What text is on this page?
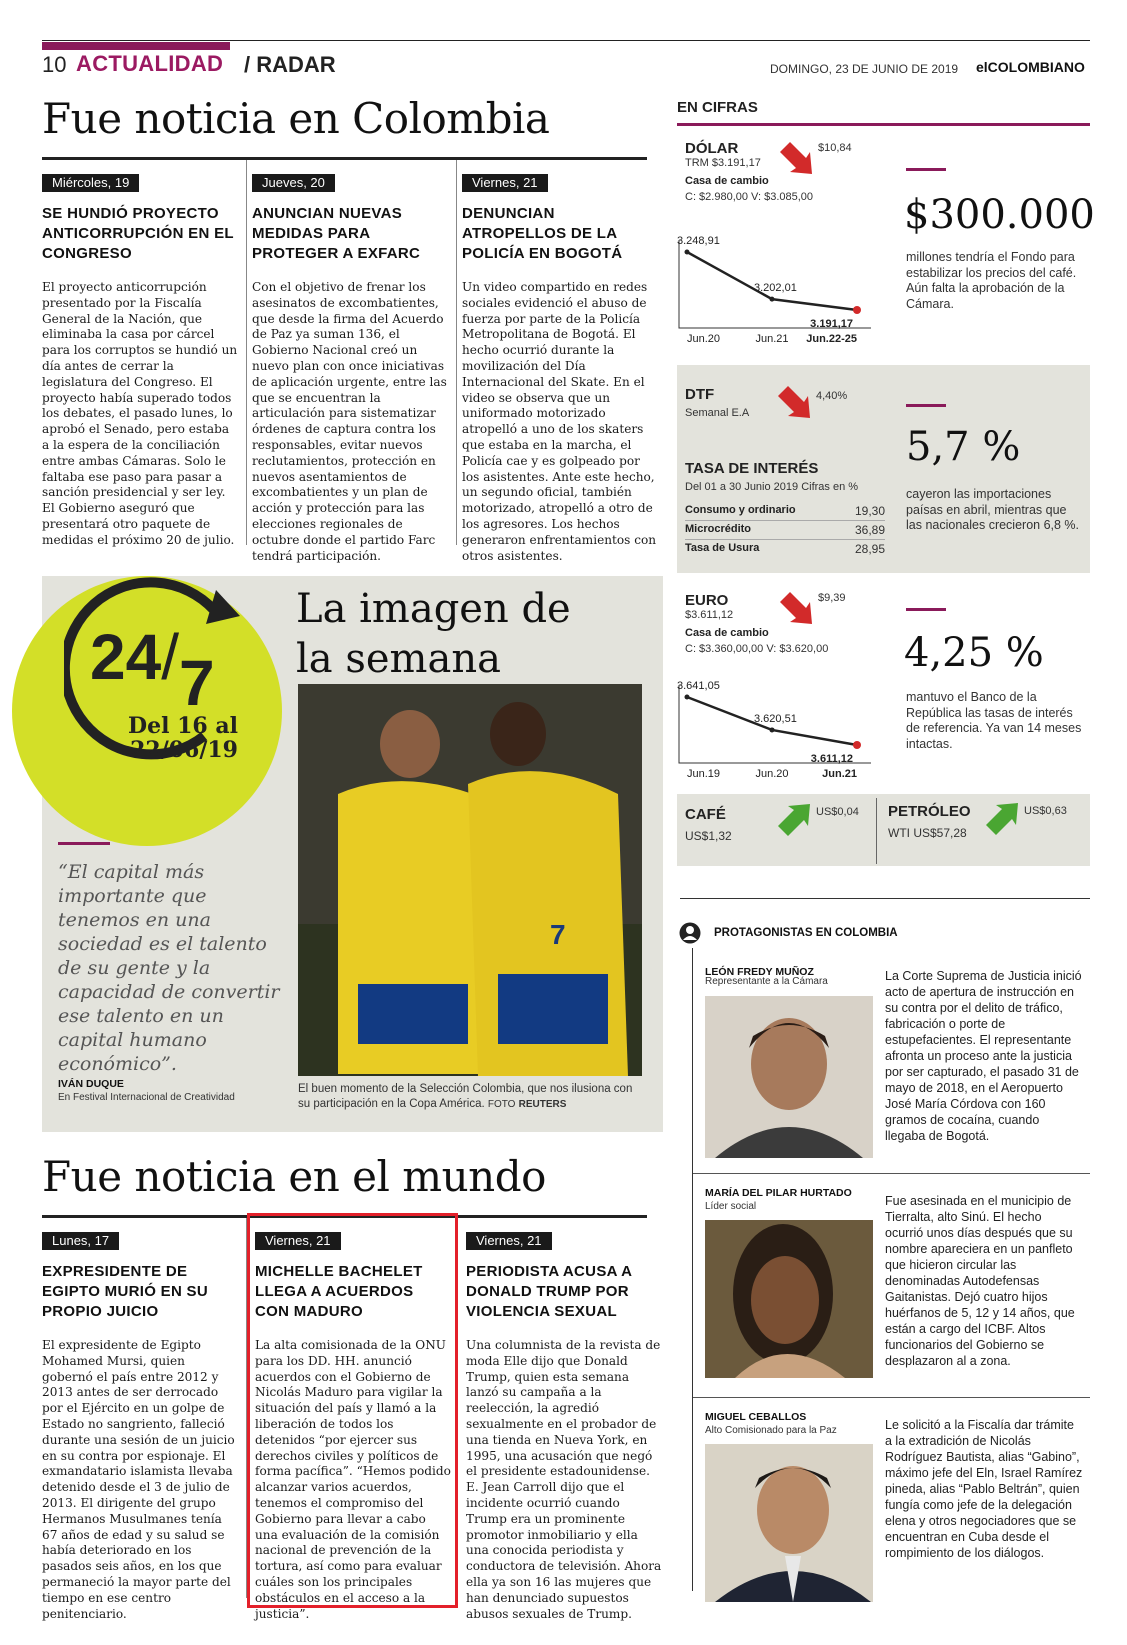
10 ACTUALIDAD / RADAR	DOMINGO, 23 DE JUNIO DE 2019 elCOLOMBIANO
Fue noticia en Colombia
Miércoles, 19
SE HUNDIÓ PROYECTO ANTICORRUPCIÓN EN EL CONGRESO
El proyecto anticorrupción presentado por la Fiscalía General de la Nación, que eliminaba la casa por cárcel para los corruptos se hundió un día antes de cerrar la legislatura del Congreso. El proyecto había superado todos los debates, el pasado lunes, lo aprobó el Senado, pero estaba a la espera de la conciliación entre ambas Cámaras. Solo le faltaba ese paso para pasar a sanción presidencial y ser ley. El Gobierno aseguró que presentará otro paquete de medidas el próximo 20 de julio.
Jueves, 20
ANUNCIAN NUEVAS MEDIDAS PARA PROTEGER A EXFARC
Con el objetivo de frenar los asesinatos de excombatientes, que desde la firma del Acuerdo de Paz ya suman 136, el Gobierno Nacional creó un nuevo plan con once iniciativas de aplicación urgente, entre las que se encuentran la articulación para sistematizar órdenes de captura contra los responsables, evitar nuevos reclutamientos, protección en nuevos asentamientos de excombatientes y un plan de acción y protección para las elecciones regionales de octubre donde el partido Farc tendrá participación.
Viernes, 21
DENUNCIAN ATROPELLOS DE LA POLICÍA EN BOGOTÁ
Un video compartido en redes sociales evidenció el abuso de fuerza por parte de la Policía Metropolitana de Bogotá. El hecho ocurrió durante la movilización del Día Internacional del Skate. En el video se observa que un uniformado motorizado atropelló a uno de los skaters que estaba en la marcha, el Policía cae y es golpeado por los asistentes. Ante este hecho, un segundo oficial, también motorizado, atropelló a otro de los agresores. Los hechos generaron enfrentamientos con otros asistentes.
EN CIFRAS
DÓLAR
TRM $3.191,17
Casa de cambio
C: $2.980,00 V: $3.085,00
$10,84
3.248,91
Jun.20
3.202,01
Jun.21
3.191,17
Jun.22-25
$300.000
millones tendría el Fondo para estabilizar los precios del café. Aún falta la aprobación de la Cámara.
DTF
Semanal E.A
4,40%
TASA DE INTERÉS
Del 01 a 30 Junio 2019 Cifras en %
Consumo y ordinario	19,30
Microcrédito	36,89
Tasa de Usura	28,95
5,7 %
cayeron las importaciones paísas en abril, mientras que las nacionales crecieron 6,8 %.
EURO
$3.611,12
Casa de cambio
C: $3.360,00,00 V: $3.620,00
$9,39
3.641,05
Jun.19
3.620,51
Jun.20
3.611,12
Jun.21
4,25 %
mantuvo el Banco de la República las tasas de interés de referencia. Ya van 14 meses intactas.
CAFÉ
US$1,32
US$0,04 PETRÓLEO
WTI US$57,28
US$0,63
PROTAGONISTAS EN COLOMBIA
LEÓN FREDY MUÑOZ
Representante a la Cámara	La Corte Suprema de Justicia inició acto de apertura de instrucción en su contra por el delito de tráfico, fabricación o porte de estupefacientes. El representante afronta un proceso ante la justicia por ser capturado, el pasado 31 de mayo de 2018, en el Aeropuerto José María Córdova con 160 gramos de cocaína, cuando llegaba de Bogotá.
MARÍA DEL PILAR HURTADO
Líder social	Fue asesinada en el municipio de Tierralta, alto Sinú. El hecho ocurrió unos días después que su nombre apareciera en un panfleto que hicieron circular las denominadas Autodefensas Gaitanistas. Dejó cuatro hijos huérfanos de 5, 12 y 14 años, que están a cargo del ICBF. Altos funcionarios del Gobierno se desplazaron al a zona.
MIGUEL CEBALLOS
Alto Comisionado para la Paz	Le solicitó a la Fiscalía dar trámite a la extradición de Nicolás Rodríguez Bautista, alias “Gabino”, máximo jefe del Eln, Israel Ramírez pineda, alias “Pablo Beltrán”, quien fungía como jefe de la delegación elena y otros negociadores que se encuentran en Cuba desde el rompimiento de los diálogos.
24/7
Del 16 al
22/06/19
La imagen de
la semana
7
El buen momento de la Selección Colombia, que nos ilusiona con su participación en la Copa América. FOTO REUTERS
“El capital más importante que tenemos en una sociedad es el talento de su gente y la capacidad de convertir ese talento en un capital humano económico”.
IVÁN DUQUE
En Festival Internacional de Creatividad
Fue noticia en el mundo
Lunes, 17
EXPRESIDENTE DE EGIPTO MURIÓ EN SU PROPIO JUICIO
El expresidente de Egipto Mohamed Mursi, quien gobernó el país entre 2012 y 2013 antes de ser derrocado por el Ejército en un golpe de Estado no sangriento, falleció durante una sesión de un juicio en su contra por espionaje. El exmandatario islamista llevaba detenido desde el 3 de julio de 2013. El dirigente del grupo Hermanos Musulmanes tenía 67 años de edad y su salud se había deteriorado en los pasados seis años, en los que permaneció la mayor parte del tiempo en ese centro penitenciario.
Viernes, 21
MICHELLE BACHELET LLEGA A ACUERDOS CON MADURO
La alta comisionada de la ONU para los DD. HH. anunció acuerdos con el Gobierno de Nicolás Maduro para vigilar la situación del país y llamó a la liberación de todos los detenidos “por ejercer sus derechos civiles y políticos de forma pacífica”. “Hemos podido alcanzar varios acuerdos, tenemos el compromiso del Gobierno para llevar a cabo una evaluación de la comisión nacional de prevención de la tortura, así como para evaluar cuáles son los principales obstáculos en el acceso a la justicia”.
Viernes, 21
PERIODISTA ACUSA A DONALD TRUMP POR VIOLENCIA SEXUAL
Una columnista de la revista de moda Elle dijo que Donald Trump, quien esta semana lanzó su campaña a la reelección, la agredió sexualmente en el probador de una tienda en Nueva York, en 1995, una acusación que negó el presidente estadounidense. E. Jean Carroll dijo que el incidente ocurrió cuando Trump era un prominente promotor inmobiliario y ella una conocida periodista y conductora de televisión. Ahora ella ya son 16 las mujeres que han denunciado supuestos abusos sexuales de Trump.
